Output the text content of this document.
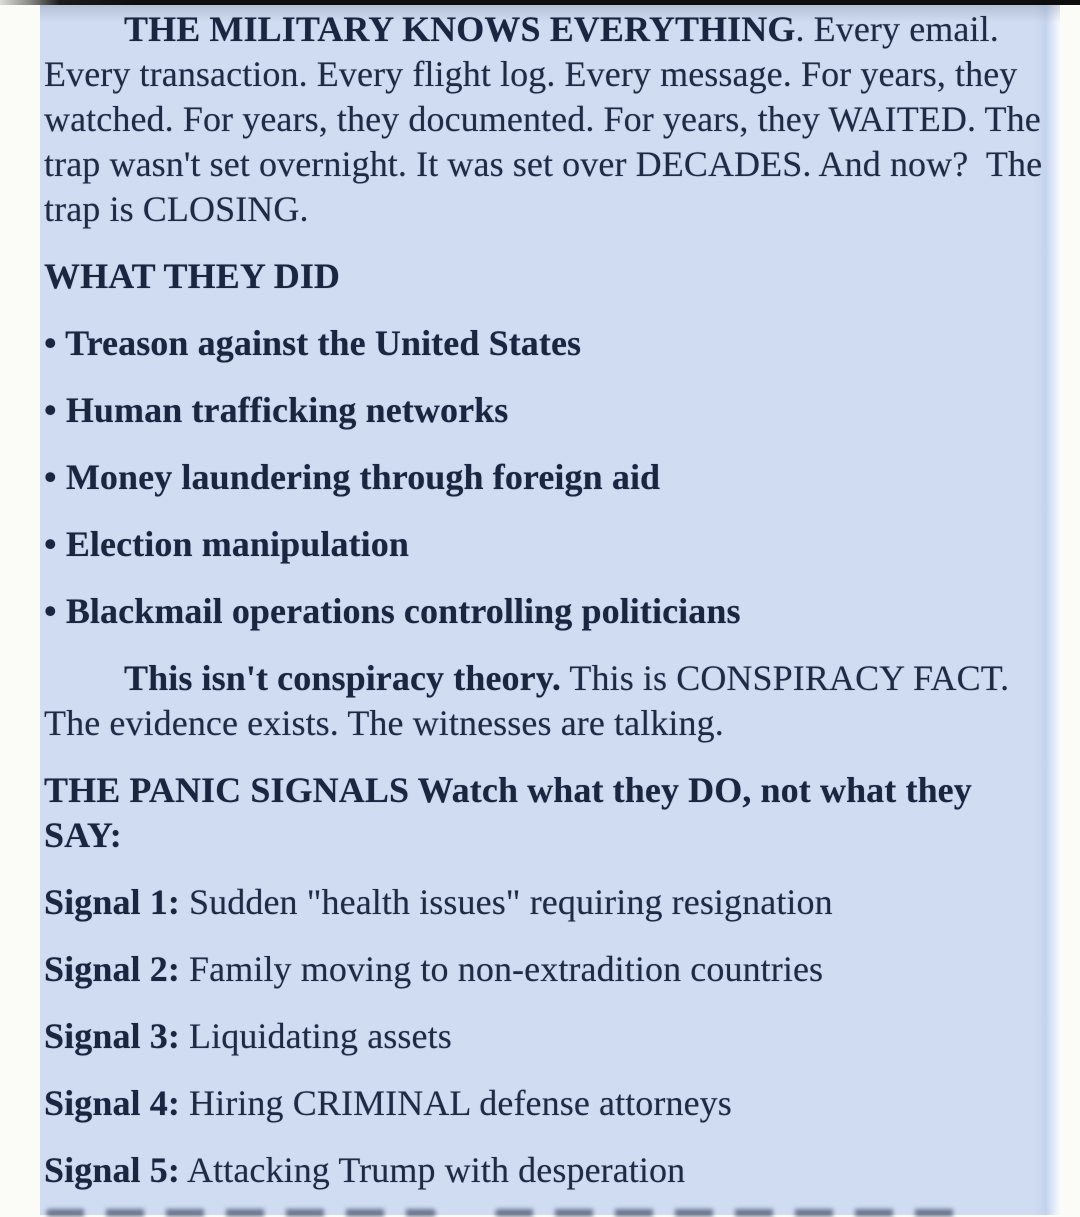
THE MILITARY KNOWS EVERYTHING. Every email. Every transaction. Every flight log. Every message. For years, they watched. For years, they documented. For years, they WAITED. The trap wasn't set overnight. It was set over DECADES. And now?  The trap is CLOSING.

WHAT THEY DID

• Treason against the United States

• Human trafficking networks

• Money laundering through foreign aid

• Election manipulation

• Blackmail operations controlling politicians

This isn't conspiracy theory. This is CONSPIRACY FACT. The evidence exists. The witnesses are talking.

THE PANIC SIGNALS Watch what they DO, not what they SAY:

Signal 1: Sudden "health issues" requiring resignation

Signal 2: Family moving to non-extradition countries

Signal 3: Liquidating assets

Signal 4: Hiring CRIMINAL defense attorneys

Signal 5: Attacking Trump with desperation
